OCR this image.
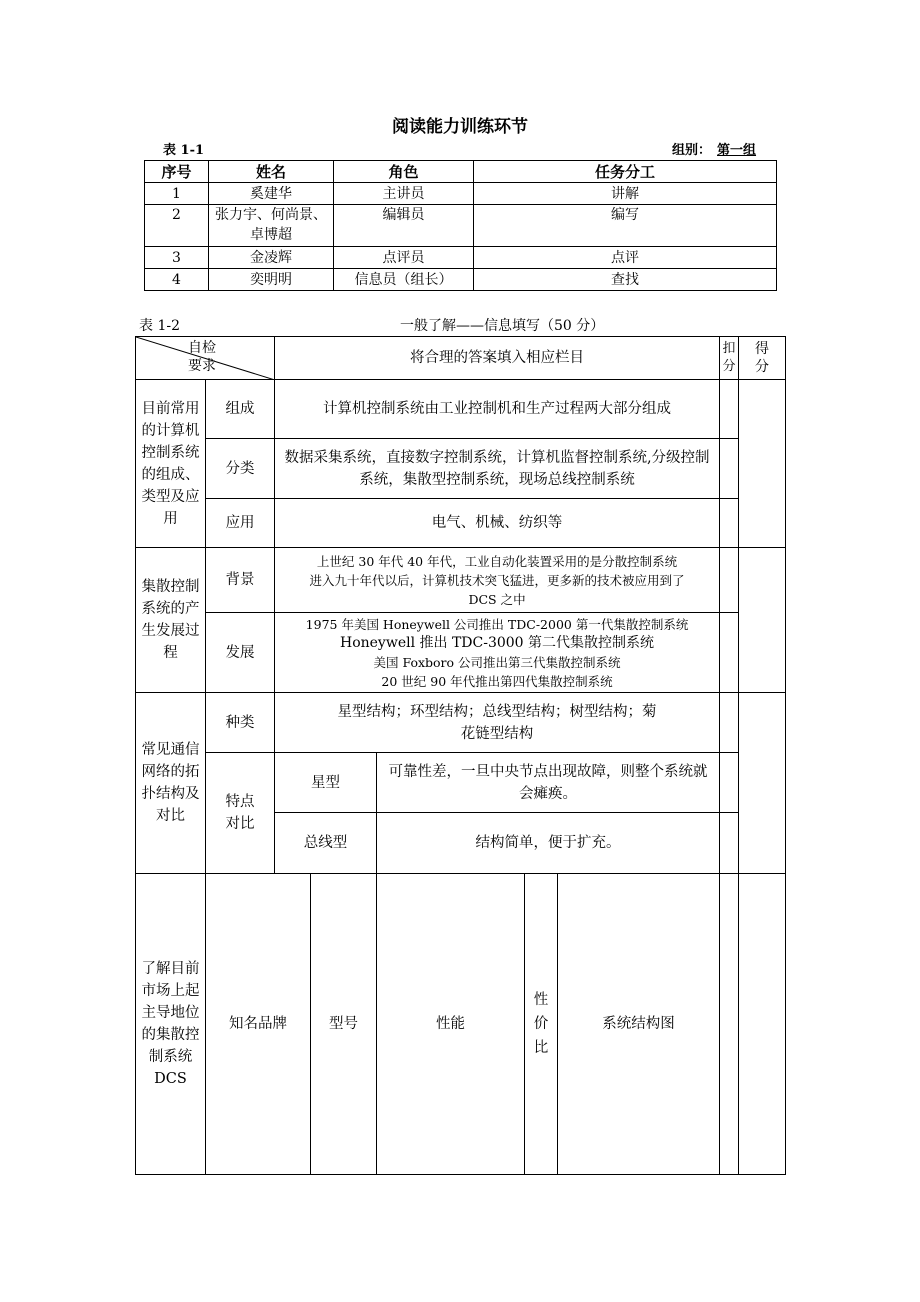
阅读能力训练环节
表 1-1	组别： 第一组
序号	姓名	角色	任务分工
1	奚建华	主讲员	讲解
2	张力宇、何尚景、卓博超	编辑员	编写
3	金凌辉	点评员	点评
4	奕明明	信息员（组长）	查找
表 1-2	一般了解——信息填写（50 分）
自检
要求		将合理的答案填入相应栏目					扣分	得分
目前常用的计算机控制系统的组成、类型及应用	组成	计算机控制系统由工业控制机和生产过程两大部分组成						
	分类	数据采集系统，直接数字控制系统，计算机监督控制系统,分级控制系统，集散型控制系统，现场总线控制系统						
	应用	电气、机械、纺织等						
集散控制系统的产生发展过程	背景	上世纪 30 年代 40 年代，工业自动化装置采用的是分散控制系统
进入九十年代以后，计算机技术突飞猛进，更多新的技术被应用到了
DCS 之中						

	发展	1975 年美国 Honeywell 公司推出 TDC-2000 第一代集散控制系统
Honeywell 推出 TDC-3000 第二代集散控制系统
美国 Foxboro 公司推出第三代集散控制系统
20 世纪 90 年代推出第四代集散控制系统						

常见通信网络的拓扑结构及对比	种类	星型结构；环型结构；总线型结构；树型结构；菊花链型结构						
	特点对比	星型		可靠性差，一旦中央节点出现故障，则整个系统就会瘫痪。				
		总线型		结构简单，便于扩充。				
了解目前市场上起主导地位的集散控制系统 DCS	知名品牌		型号	性能	性价比	系统结构图		
